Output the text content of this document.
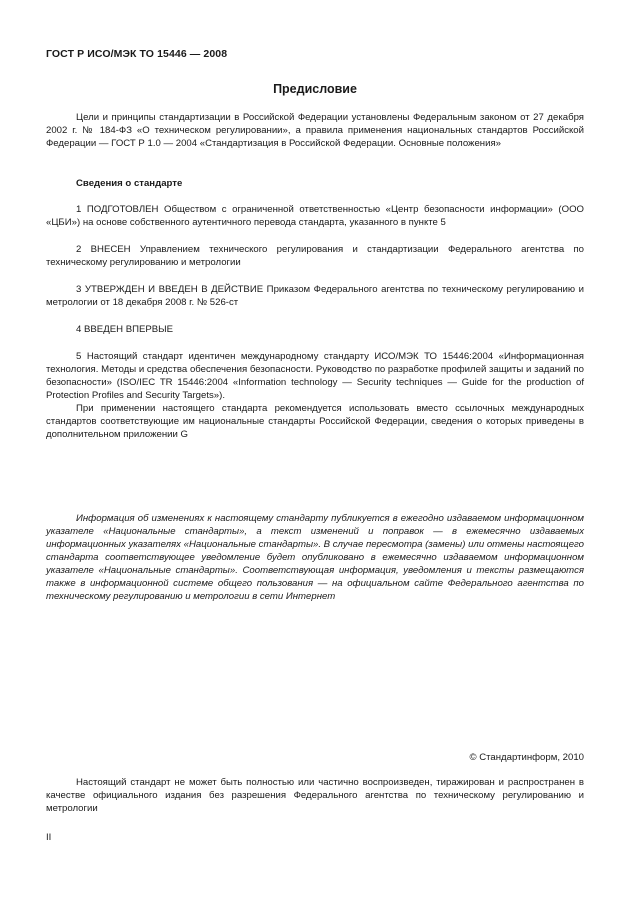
ГОСТ Р ИСО/МЭК ТО 15446 — 2008
Предисловие

Цели и принципы стандартизации в Российской Федерации установлены Федеральным законом от 27 декабря 2002 г. № 184-ФЗ «О техническом регулировании», а правила применения национальных стандартов Российской Федерации — ГОСТ Р 1.0 — 2004 «Стандартизация в Российской Федерации. Основные положения»

Сведения о стандарте

1 ПОДГОТОВЛЕН Обществом с ограниченной ответственностью «Центр безопасности информации» (ООО «ЦБИ») на основе собственного аутентичного перевода стандарта, указанного в пункте 5

2 ВНЕСЕН Управлением технического регулирования и стандартизации Федерального агентства по техническому регулированию и метрологии

3 УТВЕРЖДЕН И ВВЕДЕН В ДЕЙСТВИЕ Приказом Федерального агентства по техническому регулированию и метрологии от 18 декабря 2008 г. № 526-ст

4 ВВЕДЕН ВПЕРВЫЕ

5 Настоящий стандарт идентичен международному стандарту ИСО/МЭК ТО 15446:2004 «Информационная технология. Методы и средства обеспечения безопасности. Руководство по разработке профилей защиты и заданий по безопасности» (ISO/IEC TR 15446:2004 «Information technology — Security techniques — Guide for the production of Protection Profiles and Security Targets»).

При применении настоящего стандарта рекомендуется использовать вместо ссылочных международных стандартов соответствующие им национальные стандарты Российской Федерации, сведения о которых приведены в дополнительном приложении G

Информация об изменениях к настоящему стандарту публикуется в ежегодно издаваемом информационном указателе «Национальные стандарты», а текст изменений и поправок — в ежемесячно издаваемых информационных указателях «Национальные стандарты». В случае пересмотра (замены) или отмены настоящего стандарта соответствующее уведомление будет опубликовано в ежемесячно издаваемом информационном указателе «Национальные стандарты». Соответствующая информация, уведомления и тексты размещаются также в информационной системе общего пользования — на официальном сайте Федерального агентства по техническому регулированию и метрологии в сети Интернет

© Стандартинформ, 2010

Настоящий стандарт не может быть полностью или частично воспроизведен, тиражирован и распространен в качестве официального издания без разрешения Федерального агентства по техническому регулированию и метрологии

II
